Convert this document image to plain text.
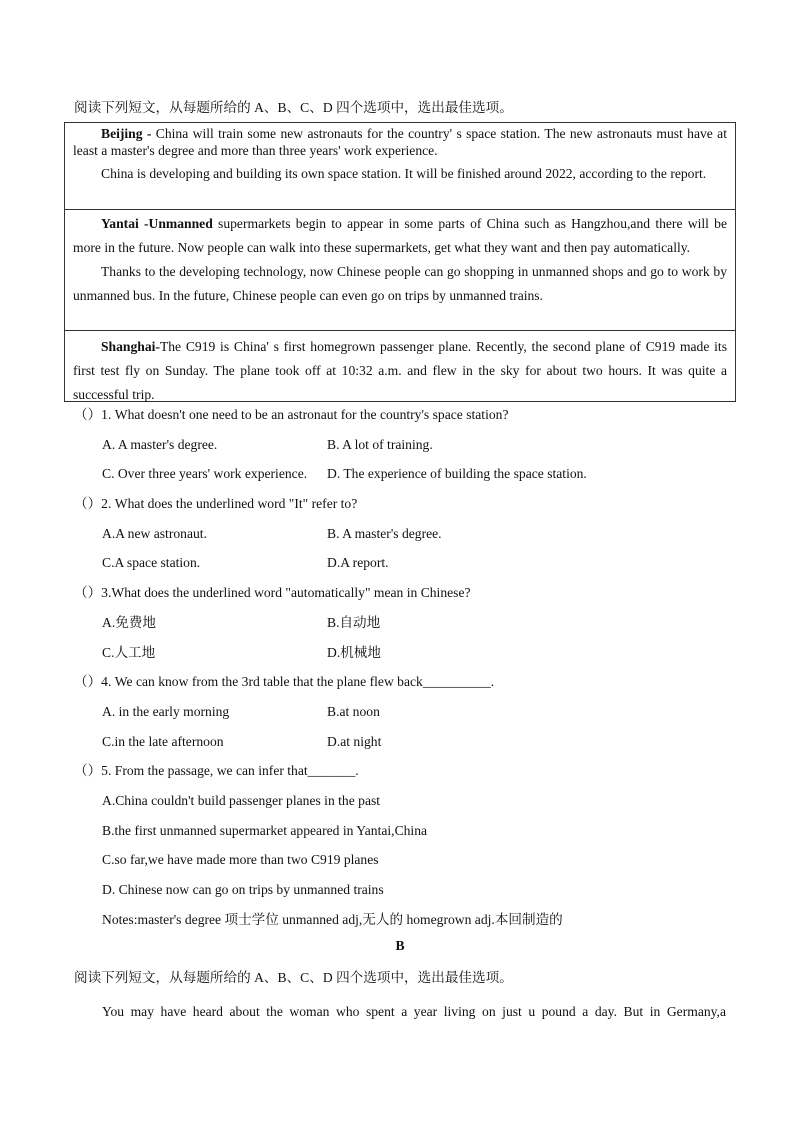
阅读下列短文，从每题所给的 A、B、C、D 四个选项中，选出最佳选项。

Beijing - China will train some new astronauts for the country' s space station. The new astronauts must have at least a master's degree and more than three years' work experience.

China is developing and building its own space station. It will be finished around 2022, according to the report.

Yantai -Unmanned supermarkets begin to appear in some parts of China such as Hangzhou,and there will be more in the future. Now people can walk into these supermarkets, get what they want and then pay automatically.

Thanks to the developing technology, now Chinese people can go shopping in unmanned shops and go to work by unmanned bus. In the future, Chinese people can even go on trips by unmanned trains.

Shanghai-The C919 is China' s first homegrown passenger plane. Recently, the second plane of C919 made its first test fly on Sunday. The plane took off at 10:32 a.m. and flew in the sky for about two hours. It was quite a successful trip.

（）1. What doesn't one need to be an astronaut for the country's space station?
A. A master's degree.	B. A lot of training.
C. Over three years' work experience.	D. The experience of building the space station.
（）2. What does the underlined word "It" refer to?
A.A new astronaut.	B. A master's degree.
C.A space station.	D.A report.
（）3.What does the underlined word "automatically" mean in Chinese?
A.免费地	B.自动地
C.人工地	D.机械地
（）4. We can know from the 3rd table that the plane flew back__________.
A. in the early morning	B.at noon
C.in the late afternoon	D.at night
（）5. From the passage, we can infer that_______.
A.China couldn't build passenger planes in the past
B.the first unmanned supermarket appeared in Yantai,China
C.so far,we have made more than two C919 planes
D. Chinese now can go on trips by unmanned trains
Notes:master's degree 项士学位 unmanned adj,无人的 homegrown adj.本回制造的
B
阅读下列短文，从每题所给的 A、B、C、D 四个选项中，选出最佳选项。
You may have heard about the woman who spent a year living on just u pound a day. But in Germany,a
